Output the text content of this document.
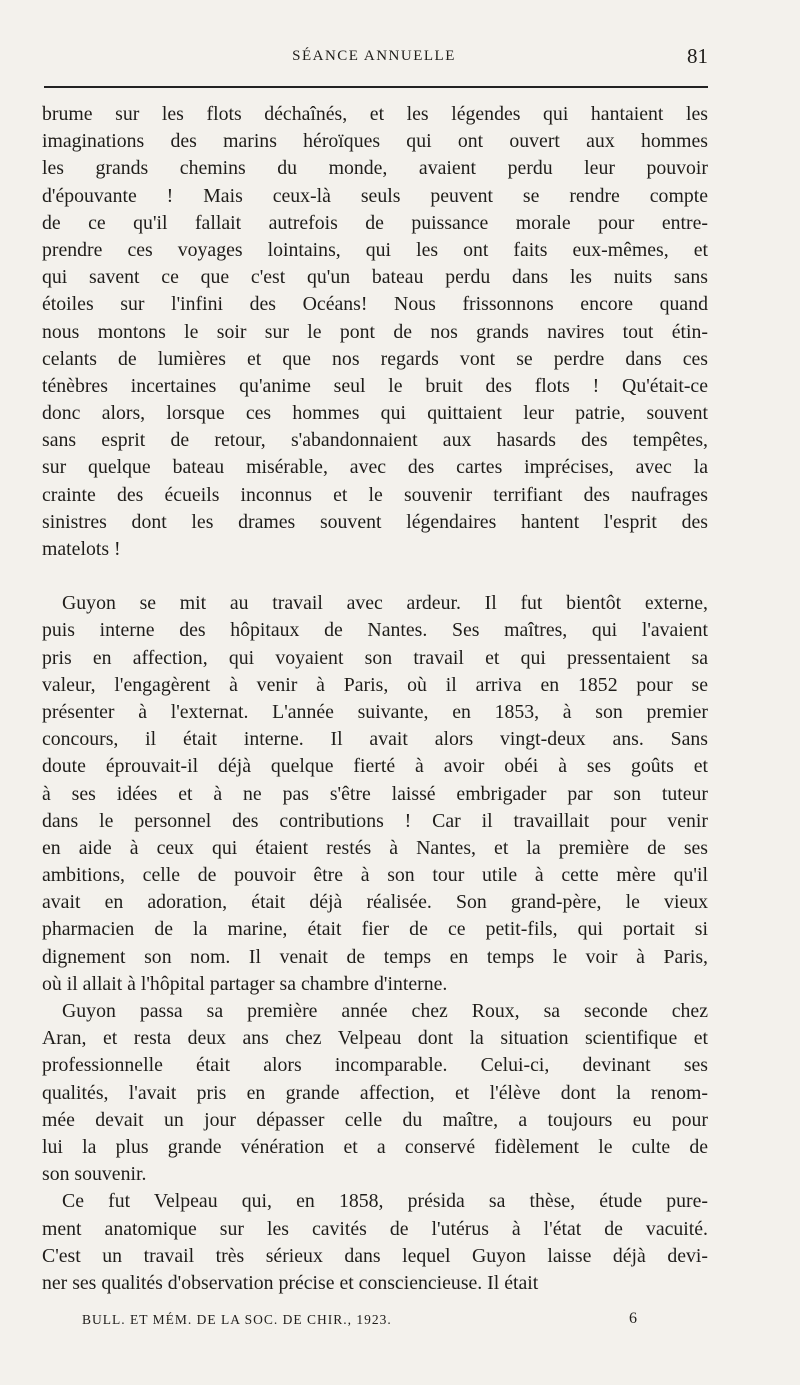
SÉANCE ANNUELLE	81
brume sur les flots déchaînés, et les légendes qui hantaient les
imaginations des marins héroïques qui ont ouvert aux hommes
les grands chemins du monde, avaient perdu leur pouvoir
d'épouvante ! Mais ceux-là seuls peuvent se rendre compte
de ce qu'il fallait autrefois de puissance morale pour entre-
prendre ces voyages lointains, qui les ont faits eux-mêmes, et
qui savent ce que c'est qu'un bateau perdu dans les nuits sans
étoiles sur l'infini des Océans! Nous frissonnons encore quand
nous montons le soir sur le pont de nos grands navires tout étin-
celants de lumières et que nos regards vont se perdre dans ces
ténèbres incertaines qu'anime seul le bruit des flots ! Qu'était-ce
donc alors, lorsque ces hommes qui quittaient leur patrie, souvent
sans esprit de retour, s'abandonnaient aux hasards des tempêtes,
sur quelque bateau misérable, avec des cartes imprécises, avec la
crainte des écueils inconnus et le souvenir terrifiant des naufrages
sinistres dont les drames souvent légendaires hantent l'esprit des
matelots !
Guyon se mit au travail avec ardeur. Il fut bientôt externe,
puis interne des hôpitaux de Nantes. Ses maîtres, qui l'avaient
pris en affection, qui voyaient son travail et qui pressentaient sa
valeur, l'engagèrent à venir à Paris, où il arriva en 1852 pour se
présenter à l'externat. L'année suivante, en 1853, à son premier
concours, il était interne. Il avait alors vingt-deux ans. Sans
doute éprouvait-il déjà quelque fierté à avoir obéi à ses goûts et
à ses idées et à ne pas s'être laissé embrigader par son tuteur
dans le personnel des contributions ! Car il travaillait pour venir
en aide à ceux qui étaient restés à Nantes, et la première de ses
ambitions, celle de pouvoir être à son tour utile à cette mère qu'il
avait en adoration, était déjà réalisée. Son grand-père, le vieux
pharmacien de la marine, était fier de ce petit-fils, qui portait si
dignement son nom. Il venait de temps en temps le voir à Paris,
où il allait à l'hôpital partager sa chambre d'interne.
Guyon passa sa première année chez Roux, sa seconde chez
Aran, et resta deux ans chez Velpeau dont la situation scientifique et
professionnelle était alors incomparable. Celui-ci, devinant ses
qualités, l'avait pris en grande affection, et l'élève dont la renom-
mée devait un jour dépasser celle du maître, a toujours eu pour
lui la plus grande vénération et a conservé fidèlement le culte de
son souvenir.
Ce fut Velpeau qui, en 1858, présida sa thèse, étude pure-
ment anatomique sur les cavités de l'utérus à l'état de vacuité.
C'est un travail très sérieux dans lequel Guyon laisse déjà devi-
ner ses qualités d'observation précise et consciencieuse. Il était
BULL. ET MÉM. DE LA SOC. DE CHIR., 1923.	6
